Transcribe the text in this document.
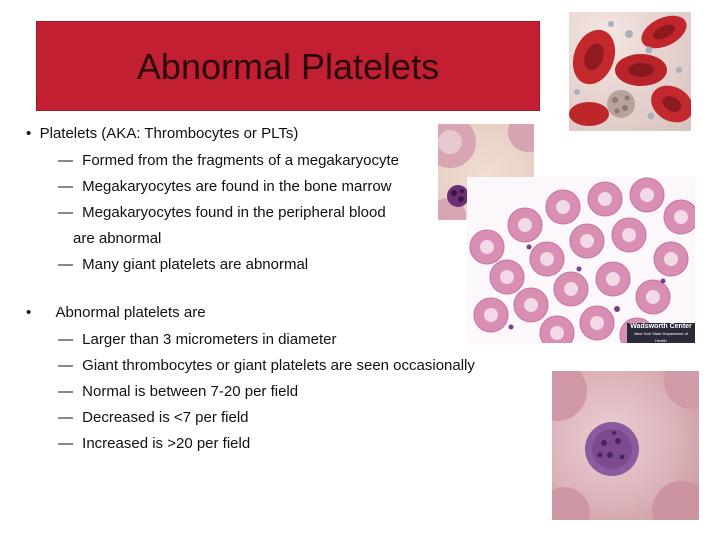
Abnormal Platelets
Wadsworth Center
New York State Department of Health
• Platelets (AKA: Thrombocytes or PLTs)
— Formed from the fragments of a megakaryocyte
— Megakaryocytes are found in the bone marrow
— Megakaryocytes found in the peripheral blood
are abnormal
— Many giant platelets are abnormal
• Abnormal platelets are
— Larger than 3 micrometers in diameter
— Giant thrombocytes or giant platelets are seen occasionally
— Normal is between 7-20 per field
— Decreased is <7 per field
— Increased is >20 per field
